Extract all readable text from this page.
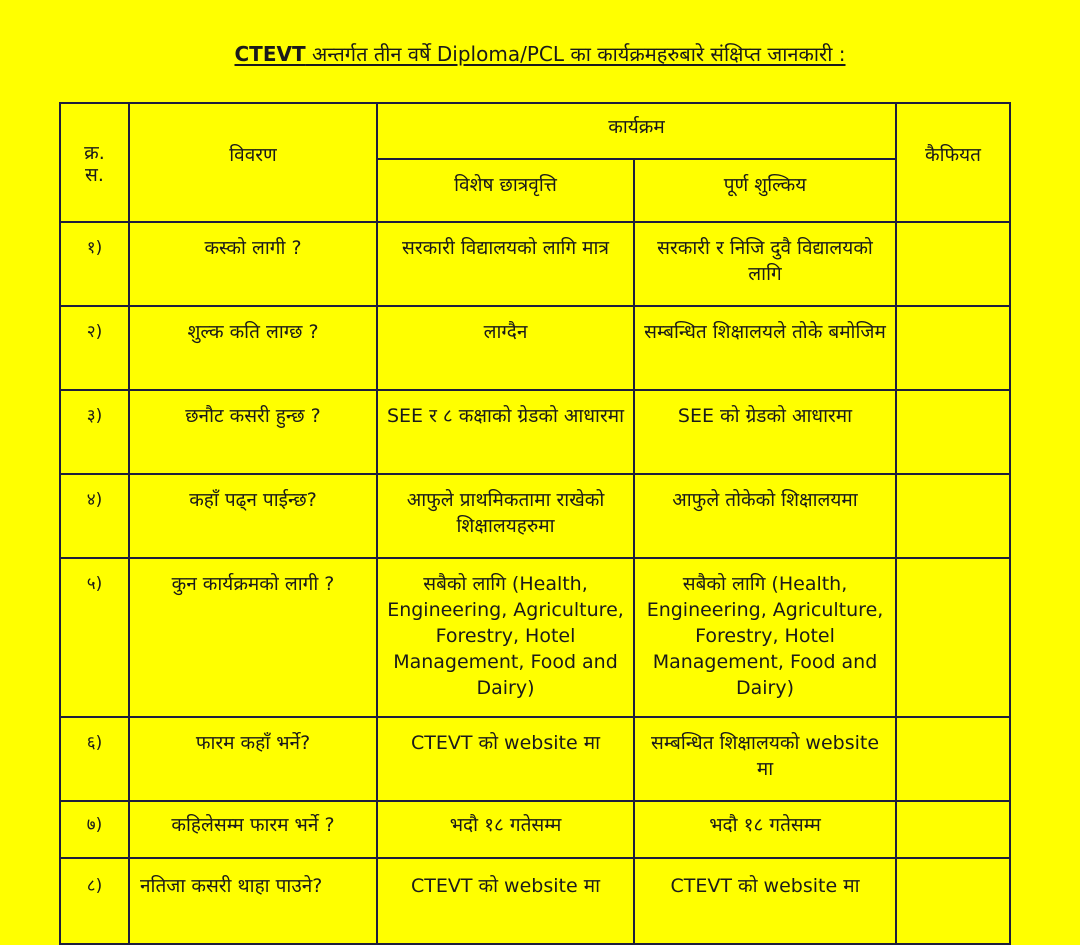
CTEVT अन्तर्गत तीन वर्षे Diploma/PCL का कार्यक्रमहरुबारे संक्षिप्त जानकारी :
क्र.
स.	विवरण	कार्यक्रम		कैफियत
		विशेष छात्रवृत्ति	पूर्ण शुल्किय	
१)	कस्को लागी ?	सरकारी विद्यालयको लागि मात्र	सरकारी र निजि दुवै विद्यालयको लागि	
२)	शुल्क कति लाग्छ ?	लाग्दैन	सम्बन्धित शिक्षालयले तोके बमोजिम	
३)	छनौट कसरी हुन्छ ?	SEE र ८ कक्षाको ग्रेडको आधारमा	SEE को ग्रेडको आधारमा	
४)	कहाँ पढ्न पाईन्छ?	आफुले प्राथमिकतामा राखेको शिक्षालयहरुमा	आफुले तोकेको शिक्षालयमा	
५)	कुन कार्यक्रमको लागी ?	सबैको लागि (Health, Engineering, Agriculture, Forestry, Hotel Management, Food and Dairy)	सबैको लागि (Health, Engineering, Agriculture, Forestry, Hotel Management, Food and Dairy)	
६)	फारम कहाँ भर्ने?	CTEVT को website मा	सम्बन्धित शिक्षालयको website मा	
७)	कहिलेसम्म फारम भर्ने ?	भदौ १८ गतेसम्म	भदौ १८ गतेसम्म	
८)	नतिजा कसरी थाहा पाउने?	CTEVT को website मा	CTEVT को website मा	
